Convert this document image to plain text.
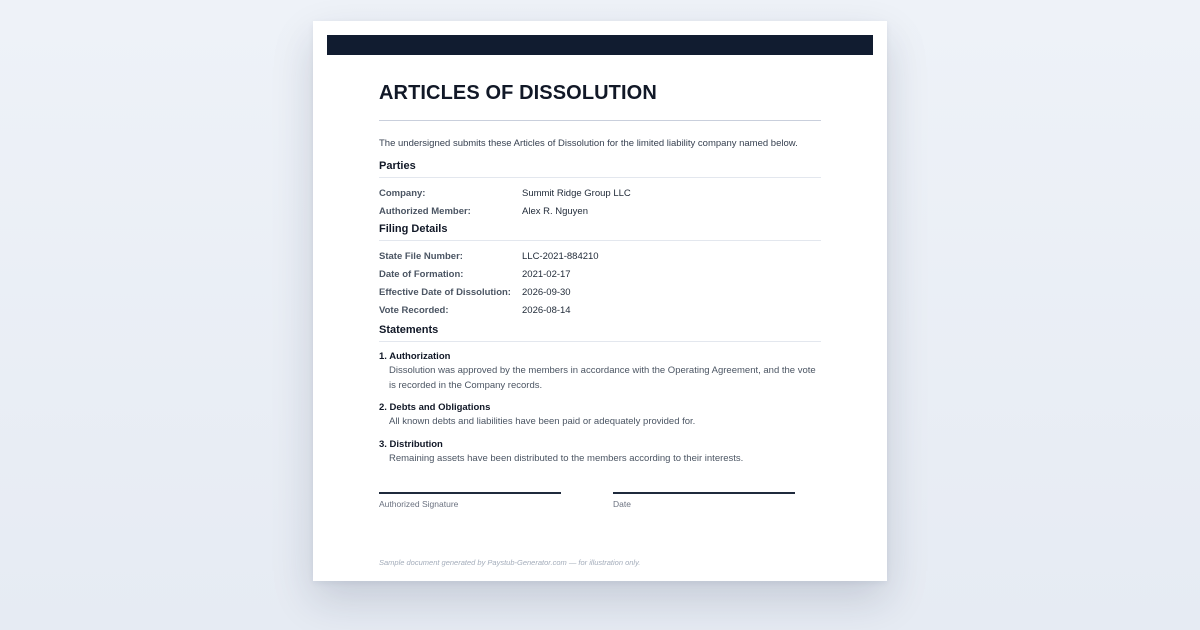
ARTICLES OF DISSOLUTION
The undersigned submits these Articles of Dissolution for the limited liability company named below.
Parties
Company:	Summit Ridge Group LLC
Authorized Member:	Alex R. Nguyen
Filing Details
State File Number:	LLC-2021-884210
Date of Formation:	2021-02-17
Effective Date of Dissolution:	2026-09-30
Vote Recorded:	2026-08-14
Statements
1. Authorization
Dissolution was approved by the members in accordance with the Operating Agreement, and the vote is recorded in the Company records.
2. Debts and Obligations
All known debts and liabilities have been paid or adequately provided for.
3. Distribution
Remaining assets have been distributed to the members according to their interests.
Authorized Signature	Date
Sample document generated by Paystub-Generator.com — for illustration only.
